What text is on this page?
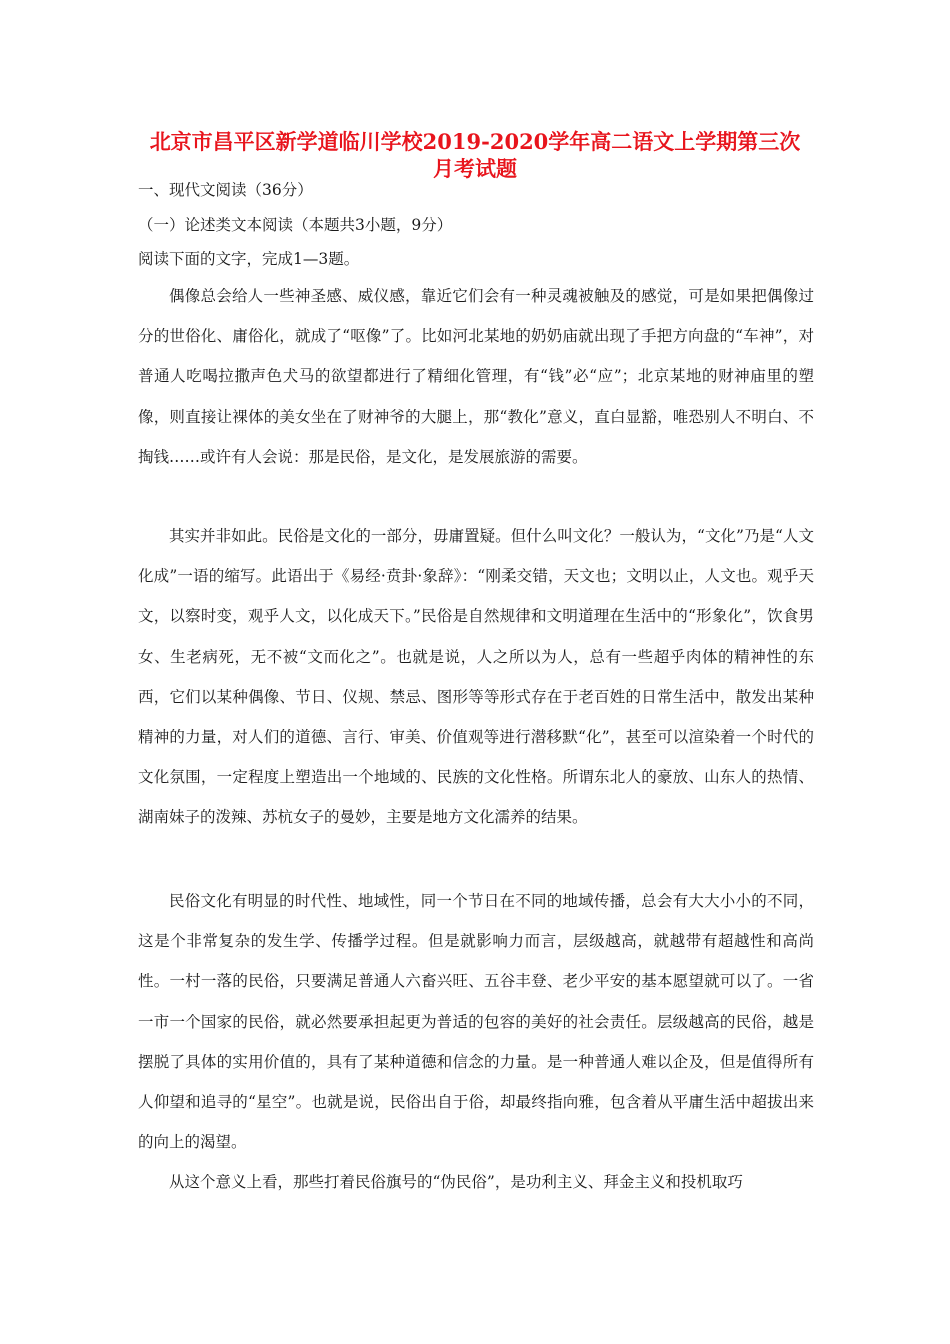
北京市昌平区新学道临川学校2019-2020学年高二语文上学期第三次
月考试题
一、现代文阅读（36分）
（一）论述类文本阅读（本题共3小题，9分）
阅读下面的文字，完成1—3题。

偶像总会给人一些神圣感、威仪感，靠近它们会有一种灵魂被触及的感觉，可是如果把偶像过分的世俗化、庸俗化，就成了“呕像”了。比如河北某地的奶奶庙就出现了手把方向盘的“车神”，对普通人吃喝拉撒声色犬马的欲望都进行了精细化管理，有“钱”必“应”；北京某地的财神庙里的塑像，则直接让裸体的美女坐在了财神爷的大腿上，那“教化”意义，直白显豁，唯恐别人不明白、不掏钱……或许有人会说：那是民俗，是文化，是发展旅游的需要。

其实并非如此。民俗是文化的一部分，毋庸置疑。但什么叫文化？一般认为，“文化”乃是“人文化成”一语的缩写。此语出于《易经·贲卦·象辞》：“刚柔交错，天文也；文明以止，人文也。观乎天文，以察时变，观乎人文，以化成天下。”民俗是自然规律和文明道理在生活中的“形象化”，饮食男女、生老病死，无不被“文而化之”。也就是说，人之所以为人，总有一些超乎肉体的精神性的东西，它们以某种偶像、节日、仪规、禁忌、图形等等形式存在于老百姓的日常生活中，散发出某种精神的力量，对人们的道德、言行、审美、价值观等进行潜移默“化”，甚至可以渲染着一个时代的文化氛围，一定程度上塑造出一个地域的、民族的文化性格。所谓东北人的豪放、山东人的热情、湖南妹子的泼辣、苏杭女子的曼妙，主要是地方文化濡养的结果。

民俗文化有明显的时代性、地域性，同一个节日在不同的地域传播，总会有大大小小的不同，这是个非常复杂的发生学、传播学过程。但是就影响力而言，层级越高，就越带有超越性和高尚性。一村一落的民俗，只要满足普通人六畜兴旺、五谷丰登、老少平安的基本愿望就可以了。一省一市一个国家的民俗，就必然要承担起更为普适的包容的美好的社会责任。层级越高的民俗，越是摆脱了具体的实用价值的，具有了某种道德和信念的力量。是一种普通人难以企及，但是值得所有人仰望和追寻的“星空”。也就是说，民俗出自于俗，却最终指向雅，包含着从平庸生活中超拔出来的向上的渴望。

从这个意义上看，那些打着民俗旗号的“伪民俗”，是功利主义、拜金主义和投机取巧
